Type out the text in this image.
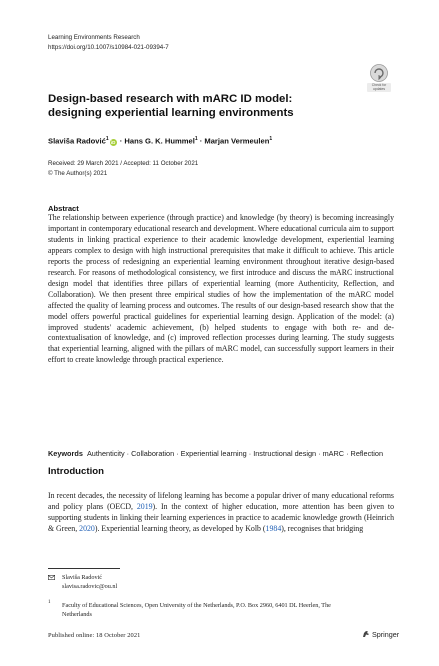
Learning Environments Research
https://doi.org/10.1007/s10984-021-09394-7
Check for updates
Design-based research with mARC ID model: designing experiential learning environments
Slaviša Radović$^1$iD · Hans G. K. Hummel$^1$ · Marjan Vermeulen$^1$
Received: 29 March 2021 / Accepted: 11 October 2021
© The Author(s) 2021
Abstract
The relationship between experience (through practice) and knowledge (by theory) is becoming increasingly important in contemporary educational research and development. Where educational curricula aim to support students in linking practical experience to their academic knowledge development, experiential learning appears complex to design with high instructional prerequisites that make it difficult to achieve. This article reports the process of redesigning an experiential learning environment throughout iterative design-based research. For reasons of methodological consistency, we first introduce and discuss the mARC instructional design model that identifies three pillars of experiential learning (more Authenticity, Reflection, and Collaboration). We then present three empirical studies of how the implementation of the mARC model affected the quality of learning process and outcomes. The results of our design-based research show that the model offers powerful practical guidelines for experiential learning design. Application of the model: (a) improved students' academic achievement, (b) helped students to engage with both re- and de-contextualisation of knowledge, and (c) improved reflection processes during learning. The study suggests that experiential learning, aligned with the pillars of mARC model, can successfully support learners in their effort to create knowledge through practical experience.
Keywords Authenticity · Collaboration · Experiential learning · Instructional design · mARC · Reflection
Introduction
In recent decades, the necessity of lifelong learning has become a popular driver of many educational reforms and policy plans (OECD, 2019). In the context of higher education, more attention has been given to supporting students in linking their learning experiences in practice to academic knowledge growth (Heinrich & Green, 2020). Experiential learning theory, as developed by Kolb (1984), recognises that bridging
Slaviša Radović
slavisa.radovic@ou.nl
1 Faculty of Educational Sciences, Open University of the Netherlands, P.O. Box 2960, 6401 DL Heerlen, The Netherlands
Published online: 18 October 2021	Springer
